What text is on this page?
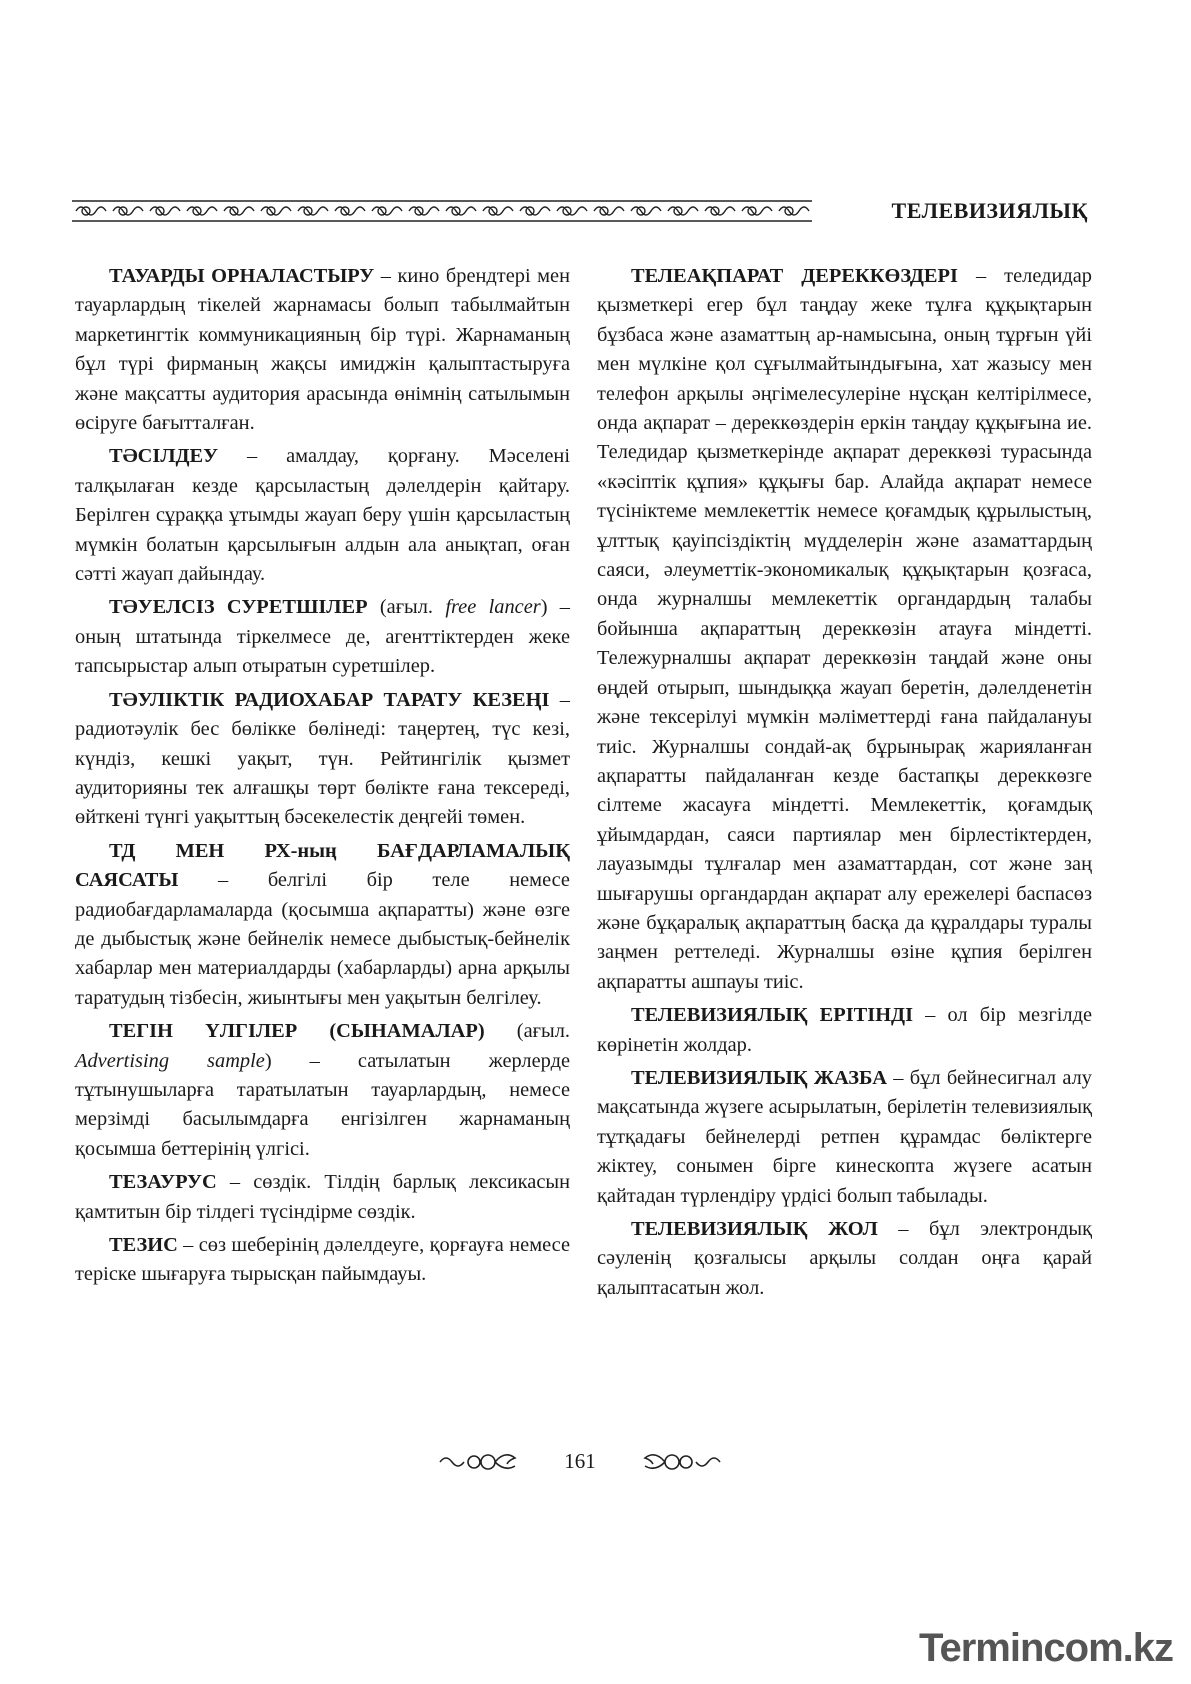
ТЕЛЕВИЗИЯЛЫҚ

ТАУАРДЫ ОРНАЛАСТЫРУ – кино брендтері мен тауарлардың тікелей жарнамасы болып табылмайтын маркетингтік коммуникацияның бір түрі. Жарнаманың бұл түрі фирманың жақсы имиджін қалыптастыруға және мақсатты аудитория арасында өнімнің сатылымын өсіруге бағытталған.

ТӘСІЛДЕУ – амалдау, қорғану. Мәселені талқылаған кезде қарсыластың дәлелдерін қайтару. Берілген сұраққа ұтымды жауап беру үшін қарсыластың мүмкін болатын қарсылығын алдын ала анықтап, оған сәтті жауап дайындау.

ТӘУЕЛСІЗ СУРЕТШІЛЕР (ағыл. free lancer) – оның штатында тіркелмесе де, агенттіктерден жеке тапсырыстар алып отыратын суретшілер.

ТӘУЛІКТІК РАДИОХАБАР ТАРАТУ КЕЗЕҢІ – радиотәулік бес бөлікке бөлінеді: таңертең, түс кезі, күндіз, кешкі уақыт, түн. Рейтингілік қызмет аудиторияны тек алғашқы төрт бөлікте ғана тексереді, өйткені түнгі уақыттың бәсекелестік деңгейі төмен.

ТД МЕН РХ-ның БАҒДАРЛАМАЛЫҚ САЯСАТЫ – белгілі бір теле немесе радиобағдарламаларда (қосымша ақпаратты) және өзге де дыбыстық және бейнелік немесе дыбыстық-бейнелік хабарлар мен материалдарды (хабарларды) арна арқылы таратудың тізбесін, жиынтығы мен уақытын белгілеу.

ТЕГІН ҮЛГІЛЕР (СЫНАМАЛАР) (ағыл. Advertising sample) – сатылатын жерлерде тұтынушыларға таратылатын тауарлардың, немесе мерзімді басылымдарға енгізілген жарнаманың қосымша беттерінің үлгісі.

ТЕЗАУРУС – сөздік. Тілдің барлық лексикасын қамтитын бір тілдегі түсіндірме сөздік.

ТЕЗИС – сөз шеберінің дәлелдеуге, қорғауға немесе теріске шығаруға тырысқан пайымдауы.

ТЕЛЕАҚПАРАТ ДЕРЕККӨЗДЕРІ – теледидар қызметкері егер бұл таңдау жеке тұлға құқықтарын бұзбаса және азаматтың ар-намысына, оның тұрғын үйі мен мүлкіне қол сұғылмайтындығына, хат жазысу мен телефон арқылы әңгімелесулеріне нұсқан келтірілмесе, онда ақпарат – дереккөздерін еркін таңдау құқығына ие. Теледидар қызметкерінде ақпарат дереккөзі турасында «кәсіптік құпия» құқығы бар. Алайда ақпарат немесе түсініктеме мемлекеттік немесе қоғамдық құрылыстың, ұлттық қауіпсіздіктің мүдделерін және азаматтардың саяси, әлеуметтік-экономикалық құқықтарын қозғаса, онда журналшы мемлекеттік органдардың талабы бойынша ақпараттың дереккөзін атауға міндетті. Тележурналшы ақпарат дереккөзін таңдай және оны өңдей отырып, шындыққа жауап беретін, дәлелденетін және тексерілуі мүмкін мәліметтерді ғана пайдалануы тиіс. Журналшы сондай-ақ бұрынырақ жарияланған ақпаратты пайдаланған кезде бастапқы дереккөзге сілтеме жасауға міндетті. Мемлекеттік, қоғамдық ұйымдардан, саяси партиялар мен бірлестіктерден, лауазымды тұлғалар мен азаматтардан, сот және заң шығарушы органдардан ақпарат алу ережелері баспасөз және бұқаралық ақпараттың басқа да құралдары туралы заңмен реттеледі. Журналшы өзіне құпия берілген ақпаратты ашпауы тиіс.

ТЕЛЕВИЗИЯЛЫҚ ЕРІТІНДІ – ол бір мезгілде көрінетін жолдар.

ТЕЛЕВИЗИЯЛЫҚ ЖАЗБА – бұл бейнесигнал алу мақсатында жүзеге асырылатын, берілетін телевизиялық тұтқадағы бейнелерді ретпен құрамдас бөліктерге жіктеу, сонымен бірге кинескопта жүзеге асатын қайтадан түрлендіру үрдісі болып табылады.

ТЕЛЕВИЗИЯЛЫҚ ЖОЛ – бұл электрондық сәуленің қозғалысы арқылы солдан оңға қарай қалыптасатын жол.

161
Termincom.kz
